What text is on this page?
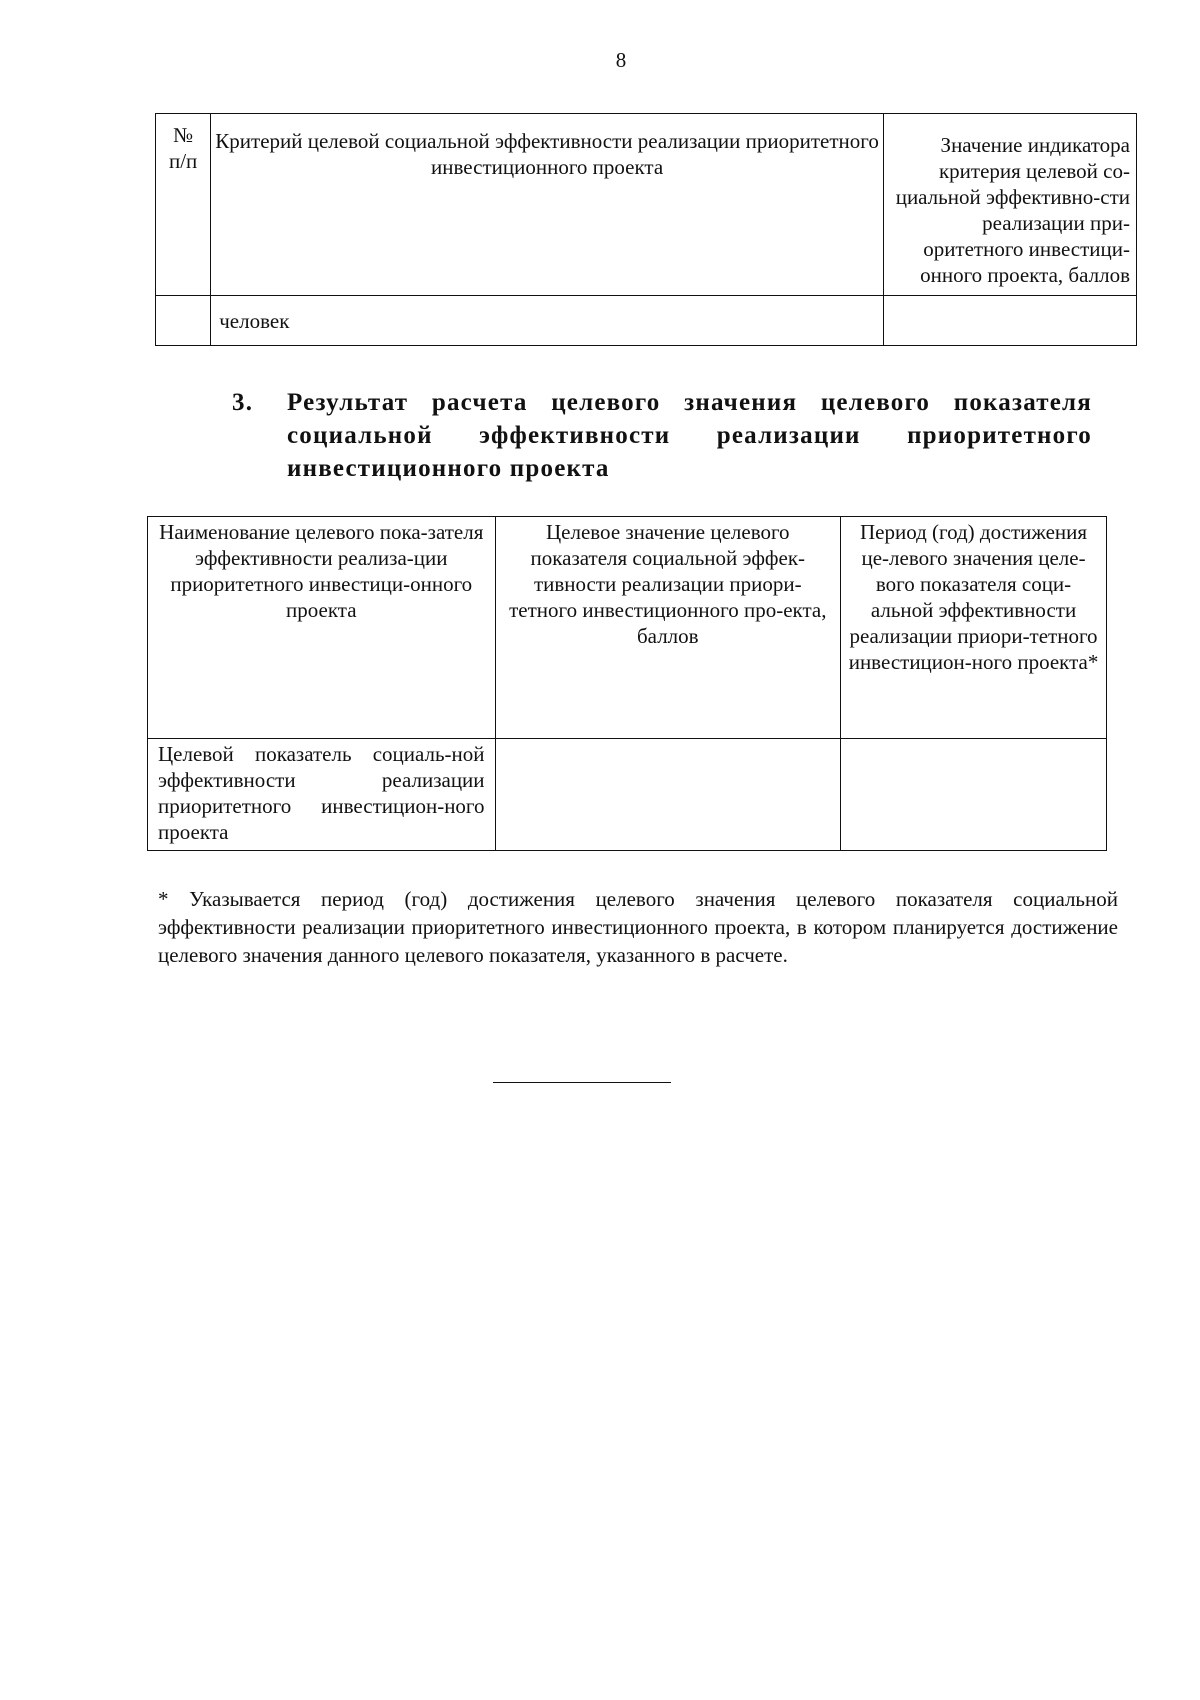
8
№
п/п	Критерий целевой социальной эффективности реализации приоритетного инвестиционного проекта	Значение индикатора критерия целевой со-циальной эффективно-сти реализации при-оритетного инвестици-онного проекта, баллов
	человек	
3. Результат расчета целевого значения целевого показателя социальной эффективности реализации приоритетного инвестиционного проекта
Наименование целевого пока-зателя эффективности реализа-ции приоритетного инвестици-онного проекта	Целевое значение целевого показателя социальной эффек-тивности реализации приори-тетного инвестиционного про-екта, баллов	Период (год) достижения це-левого значения целе-вого показателя соци-альной эффективности реализации приори-тетного инвестицион-ного проекта*
Целевой показатель социаль-ной эффективности реализации приоритетного инвестицион-ного проекта		
* Указывается период (год) достижения целевого значения целевого показателя социальной эффективности реализации приоритетного инвестиционного проекта, в котором планируется достижение целевого значения данного целевого показателя, указанного в расчете.
